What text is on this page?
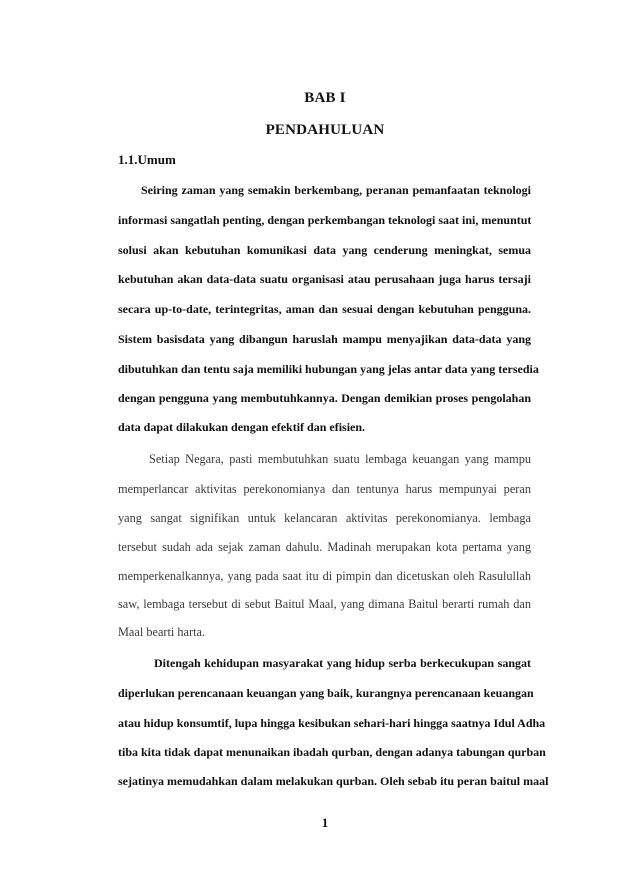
BAB I
PENDAHULUAN
1.1.Umum
Seiring zaman yang semakin berkembang, peranan pemanfaatan teknologi
informasi sangatlah penting, dengan perkembangan teknologi saat ini, menuntut
solusi akan kebutuhan komunikasi data yang cenderung meningkat, semua
kebutuhan akan data-data suatu organisasi atau perusahaan juga harus tersaji
secara up-to-date, terintegritas, aman dan sesuai dengan kebutuhan pengguna.
Sistem basisdata yang dibangun haruslah mampu menyajikan data-data yang
dibutuhkan dan tentu saja memiliki hubungan yang jelas antar data yang tersedia
dengan pengguna yang membutuhkannya. Dengan demikian proses pengolahan
data dapat dilakukan dengan efektif dan efisien.
Setiap Negara, pasti membutuhkan suatu lembaga keuangan yang mampu
memperlancar aktivitas perekonomianya dan tentunya harus mempunyai peran
yang sangat signifikan untuk kelancaran aktivitas perekonomianya. lembaga
tersebut sudah ada sejak zaman dahulu. Madinah merupakan kota pertama yang
memperkenalkannya, yang pada saat itu di pimpin dan dicetuskan oleh Rasulullah
saw, lembaga tersebut di sebut Baitul Maal, yang dimana Baitul berarti rumah dan
Maal bearti harta.
Ditengah kehidupan masyarakat yang hidup serba berkecukupan sangat
diperlukan perencanaan keuangan yang baik, kurangnya perencanaan keuangan
atau hidup konsumtif, lupa hingga kesibukan sehari-hari hingga saatnya Idul Adha
tiba kita tidak dapat menunaikan ibadah qurban, dengan adanya tabungan qurban
sejatinya memudahkan dalam melakukan qurban. Oleh sebab itu peran baitul maal
1
